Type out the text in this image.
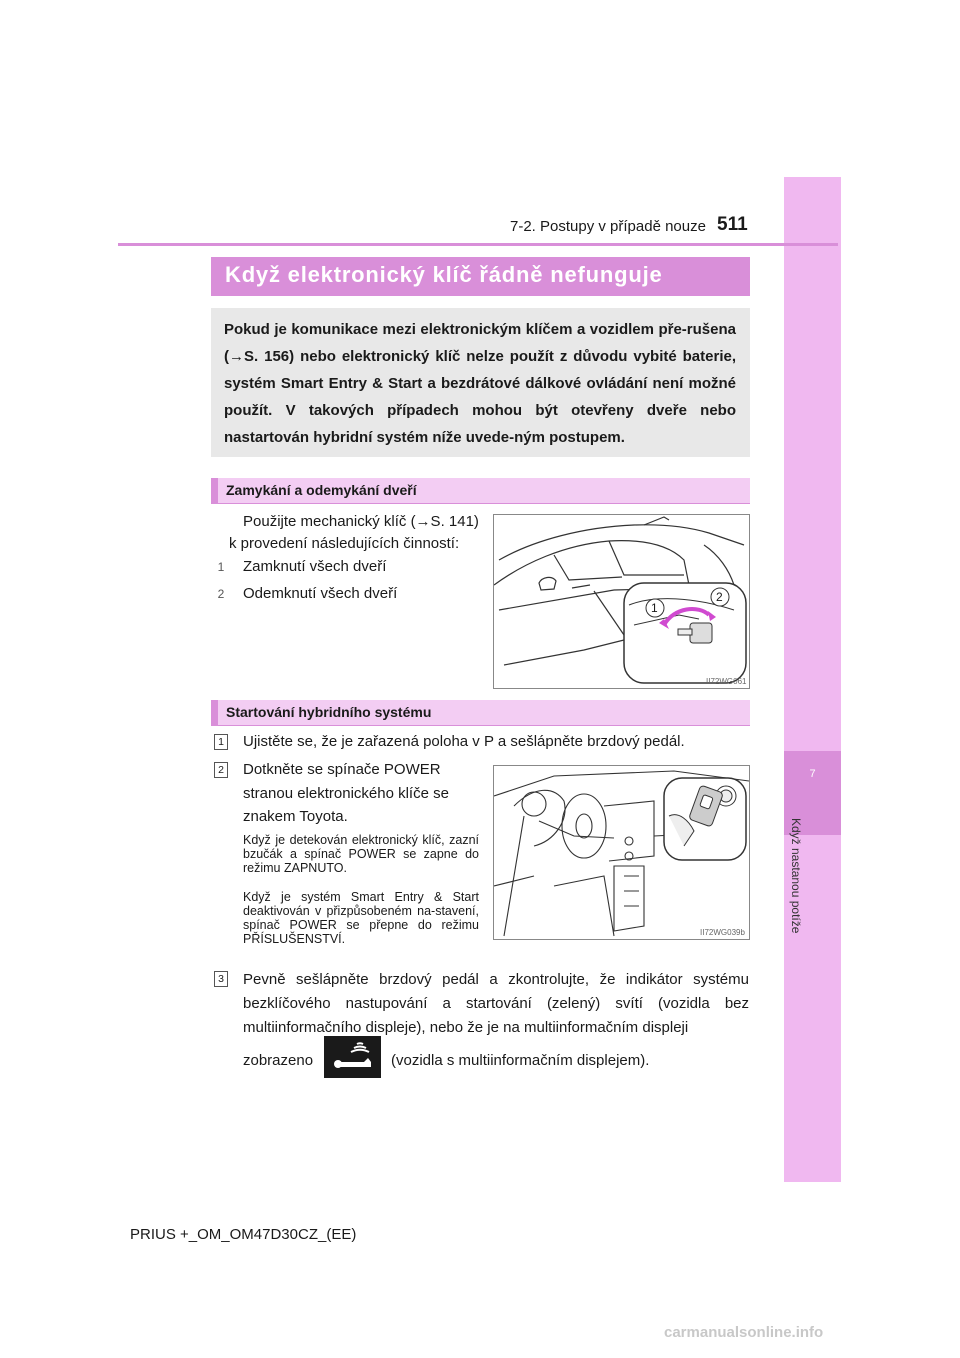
7
Když nastanou potíže
7-2. Postupy v případě nouze 511
Když elektronický klíč řádně nefunguje
Pokud je komunikace mezi elektronickým klíčem a vozidlem pře-rušena (→S. 156) nebo elektronický klíč nelze použít z důvodu vybité baterie, systém Smart Entry & Start a bezdrátové dálkové ovládání není možné použít. V takových případech mohou být otevřeny dveře nebo nastartován hybridní systém níže uvede-ným postupem.
Zamykání a odemykání dveří
Použijte mechanický klíč (→S. 141)
k provedení následujících činností:
1 Zamknutí všech dveří
2 Odemknutí všech dveří
1
2
II72WG061
Startování hybridního systému
1 Ujistěte se, že je zařazená poloha v P a sešlápněte brzdový pedál.
2 Dotkněte se spínače POWER
stranou elektronického klíče se
znakem Toyota.
Když je detekován elektronický klíč, zazní bzučák a spínač POWER se zapne do režimu ZAPNUTO.
Když je systém Smart Entry & Start deaktivován v přizpůsobeném na-stavení, spínač POWER se přepne do režimu PŘÍSLUŠENSTVÍ.	II72WG039b
3 Pevně sešlápněte brzdový pedál a zkontrolujte, že indikátor systému bezklíčového nastupování a startování (zelený) svítí (vozidla bez multiinformačního displeje), nebo že je na multiinformačním displeji
zobrazeno	(vozidla s multiinformačním displejem).
PRIUS +_OM_OM47D30CZ_(EE)
carmanualsonline.info
